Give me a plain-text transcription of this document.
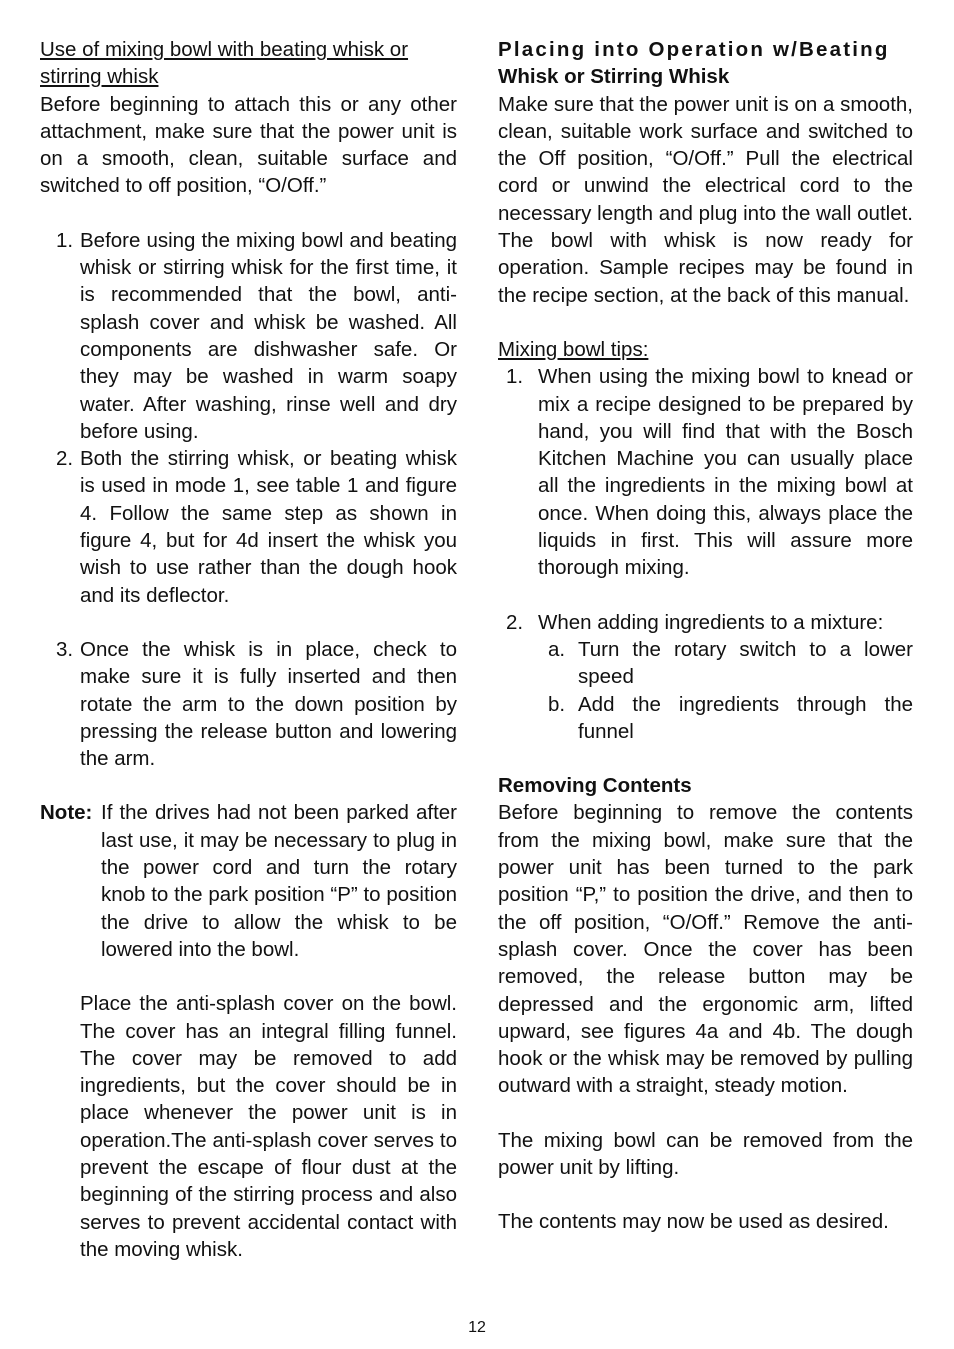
Use of mixing bowl with beating whisk or stirring whisk

Before beginning to attach this or any other attachment, make sure that the power unit is on a smooth, clean, suitable surface and switched to off position, “O/Off.”

1. Before using the mixing bowl and beating whisk or stirring whisk for the first time, it is recommended that the bowl, anti-splash cover and whisk be washed. All components are dishwasher safe. Or they may be washed in warm soapy water. After washing, rinse well and dry before using.
2. Both the stirring whisk, or beating whisk is used in mode 1, see table 1 and figure 4. Follow the same step as shown in figure 4, but for 4d insert the whisk you wish to use rather than the dough hook and its deflector.
3. Once the whisk is in place, check to make sure it is fully inserted and then rotate the arm to the down position by pressing the release button and lowering the arm.
Note: If the drives had not been parked after last use, it may be necessary to plug in the power cord and turn the rotary knob to the park position “P” to position the drive to allow the whisk to be lowered into the bowl.

Place the anti-splash cover on the bowl. The cover has an integral filling funnel. The cover may be removed to add ingredients, but the cover should be in place whenever the power unit is in operation.The anti-splash cover serves to prevent the escape of flour dust at the beginning of the stirring process and also serves to prevent accidental contact with the moving whisk.

Placing into Operation w/Beating

Whisk or Stirring Whisk

Make sure that the power unit is on a smooth, clean, suitable work surface and switched to the Off position, “O/Off.” Pull the electrical cord or unwind the electrical cord to the necessary length and plug into the wall outlet. The bowl with whisk is now ready for operation. Sample recipes may be found in the recipe section, at the back of this manual.

Mixing bowl tips:

1. When using the mixing bowl to knead or mix a recipe designed to be prepared by hand, you will find that with the Bosch Kitchen Machine you can usually place all the ingredients in the mixing bowl at once. When doing this, always place the liquids in first. This will assure more thorough mixing.
2. When adding ingredients to a mixture:
a. Turn the rotary switch to a lower speed
b. Add the ingredients through the funnel

Removing Contents

Before beginning to remove the contents from the mixing bowl, make sure that the power unit has been turned to the park position “P,” to position the drive, and then to the off position, “O/Off.” Remove the anti-splash cover. Once the cover has been removed, the release button may be depressed and the ergonomic arm, lifted upward, see figures 4a and 4b. The dough hook or the whisk may be removed by pulling outward with a straight, steady motion.

The mixing bowl can be removed from the power unit by lifting.

The contents may now be used as desired.

12
